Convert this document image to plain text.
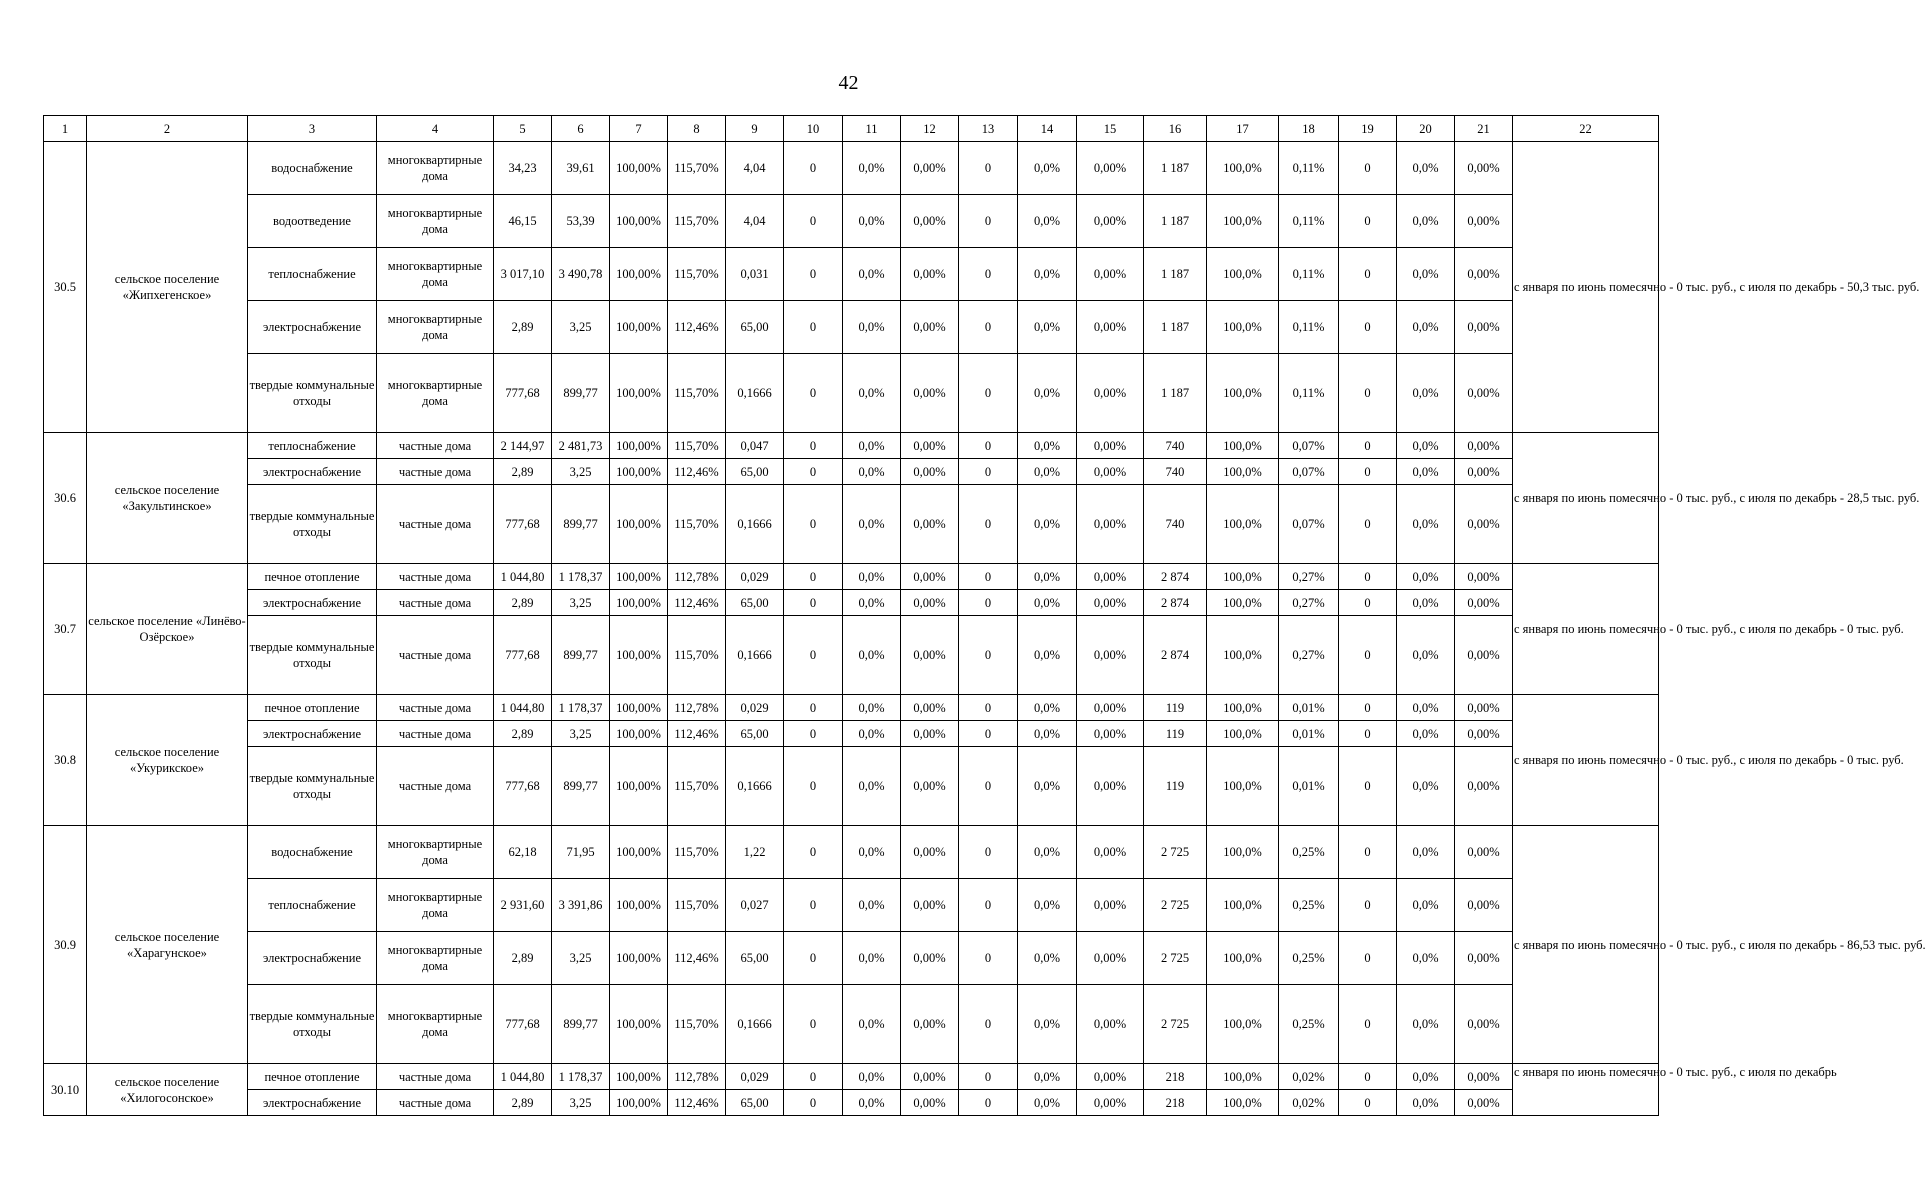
42
1	2	3	4	5	6	7	8	9	10	11	12	13	14	15	16	17	18	19	20	21	22
30.5	сельское поселение «Жипхегенское»	водоснабжение	многоквартирные дома	34,23	39,61	100,00%	115,70%	4,04	0	0,0%	0,00%	0	0,0%	0,00%	1 187	100,0%	0,11%	0	0,0%	0,00%	с января по июнь помесячно - 0 тыс. руб., с июля по декабрь - 50,3 тыс. руб.
		водоотведение	многоквартирные дома	46,15	53,39	100,00%	115,70%	4,04	0	0,0%	0,00%	0	0,0%	0,00%	1 187	100,0%	0,11%	0	0,0%	0,00%	
		теплоснабжение	многоквартирные дома	3 017,10	3 490,78	100,00%	115,70%	0,031	0	0,0%	0,00%	0	0,0%	0,00%	1 187	100,0%	0,11%	0	0,0%	0,00%	
		электроснабжение	многоквартирные дома	2,89	3,25	100,00%	112,46%	65,00	0	0,0%	0,00%	0	0,0%	0,00%	1 187	100,0%	0,11%	0	0,0%	0,00%	
		твердые коммунальные отходы	многоквартирные дома	777,68	899,77	100,00%	115,70%	0,1666	0	0,0%	0,00%	0	0,0%	0,00%	1 187	100,0%	0,11%	0	0,0%	0,00%	
30.6	сельское поселение «Закультинское»	теплоснабжение	частные дома	2 144,97	2 481,73	100,00%	115,70%	0,047	0	0,0%	0,00%	0	0,0%	0,00%	740	100,0%	0,07%	0	0,0%	0,00%	с января по июнь помесячно - 0 тыс. руб., с июля по декабрь - 28,5 тыс. руб.
		электроснабжение	частные дома	2,89	3,25	100,00%	112,46%	65,00	0	0,0%	0,00%	0	0,0%	0,00%	740	100,0%	0,07%	0	0,0%	0,00%	
		твердые коммунальные отходы	частные дома	777,68	899,77	100,00%	115,70%	0,1666	0	0,0%	0,00%	0	0,0%	0,00%	740	100,0%	0,07%	0	0,0%	0,00%	
30.7	сельское поселение «Линёво-Озёрское»	печное отопление	частные дома	1 044,80	1 178,37	100,00%	112,78%	0,029	0	0,0%	0,00%	0	0,0%	0,00%	2 874	100,0%	0,27%	0	0,0%	0,00%	с января по июнь помесячно - 0 тыс. руб., с июля по декабрь - 0 тыс. руб.
		электроснабжение	частные дома	2,89	3,25	100,00%	112,46%	65,00	0	0,0%	0,00%	0	0,0%	0,00%	2 874	100,0%	0,27%	0	0,0%	0,00%	
		твердые коммунальные отходы	частные дома	777,68	899,77	100,00%	115,70%	0,1666	0	0,0%	0,00%	0	0,0%	0,00%	2 874	100,0%	0,27%	0	0,0%	0,00%	
30.8	сельское поселение «Укурикское»	печное отопление	частные дома	1 044,80	1 178,37	100,00%	112,78%	0,029	0	0,0%	0,00%	0	0,0%	0,00%	119	100,0%	0,01%	0	0,0%	0,00%	с января по июнь помесячно - 0 тыс. руб., с июля по декабрь - 0 тыс. руб.
		электроснабжение	частные дома	2,89	3,25	100,00%	112,46%	65,00	0	0,0%	0,00%	0	0,0%	0,00%	119	100,0%	0,01%	0	0,0%	0,00%	
		твердые коммунальные отходы	частные дома	777,68	899,77	100,00%	115,70%	0,1666	0	0,0%	0,00%	0	0,0%	0,00%	119	100,0%	0,01%	0	0,0%	0,00%	
30.9	сельское поселение «Харагунское»	водоснабжение	многоквартирные дома	62,18	71,95	100,00%	115,70%	1,22	0	0,0%	0,00%	0	0,0%	0,00%	2 725	100,0%	0,25%	0	0,0%	0,00%	с января по июнь помесячно - 0 тыс. руб., с июля по декабрь - 86,53 тыс. руб.
		теплоснабжение	многоквартирные дома	2 931,60	3 391,86	100,00%	115,70%	0,027	0	0,0%	0,00%	0	0,0%	0,00%	2 725	100,0%	0,25%	0	0,0%	0,00%	
		электроснабжение	многоквартирные дома	2,89	3,25	100,00%	112,46%	65,00	0	0,0%	0,00%	0	0,0%	0,00%	2 725	100,0%	0,25%	0	0,0%	0,00%	
		твердые коммунальные отходы	многоквартирные дома	777,68	899,77	100,00%	115,70%	0,1666	0	0,0%	0,00%	0	0,0%	0,00%	2 725	100,0%	0,25%	0	0,0%	0,00%	
30.10	сельское поселение «Хилогосонское»	печное отопление	частные дома	1 044,80	1 178,37	100,00%	112,78%	0,029	0	0,0%	0,00%	0	0,0%	0,00%	218	100,0%	0,02%	0	0,0%	0,00%	с января по июнь помесячно - 0 тыс. руб., с июля по декабрь
		электроснабжение	частные дома	2,89	3,25	100,00%	112,46%	65,00	0	0,0%	0,00%	0	0,0%	0,00%	218	100,0%	0,02%	0	0,0%	0,00%	
